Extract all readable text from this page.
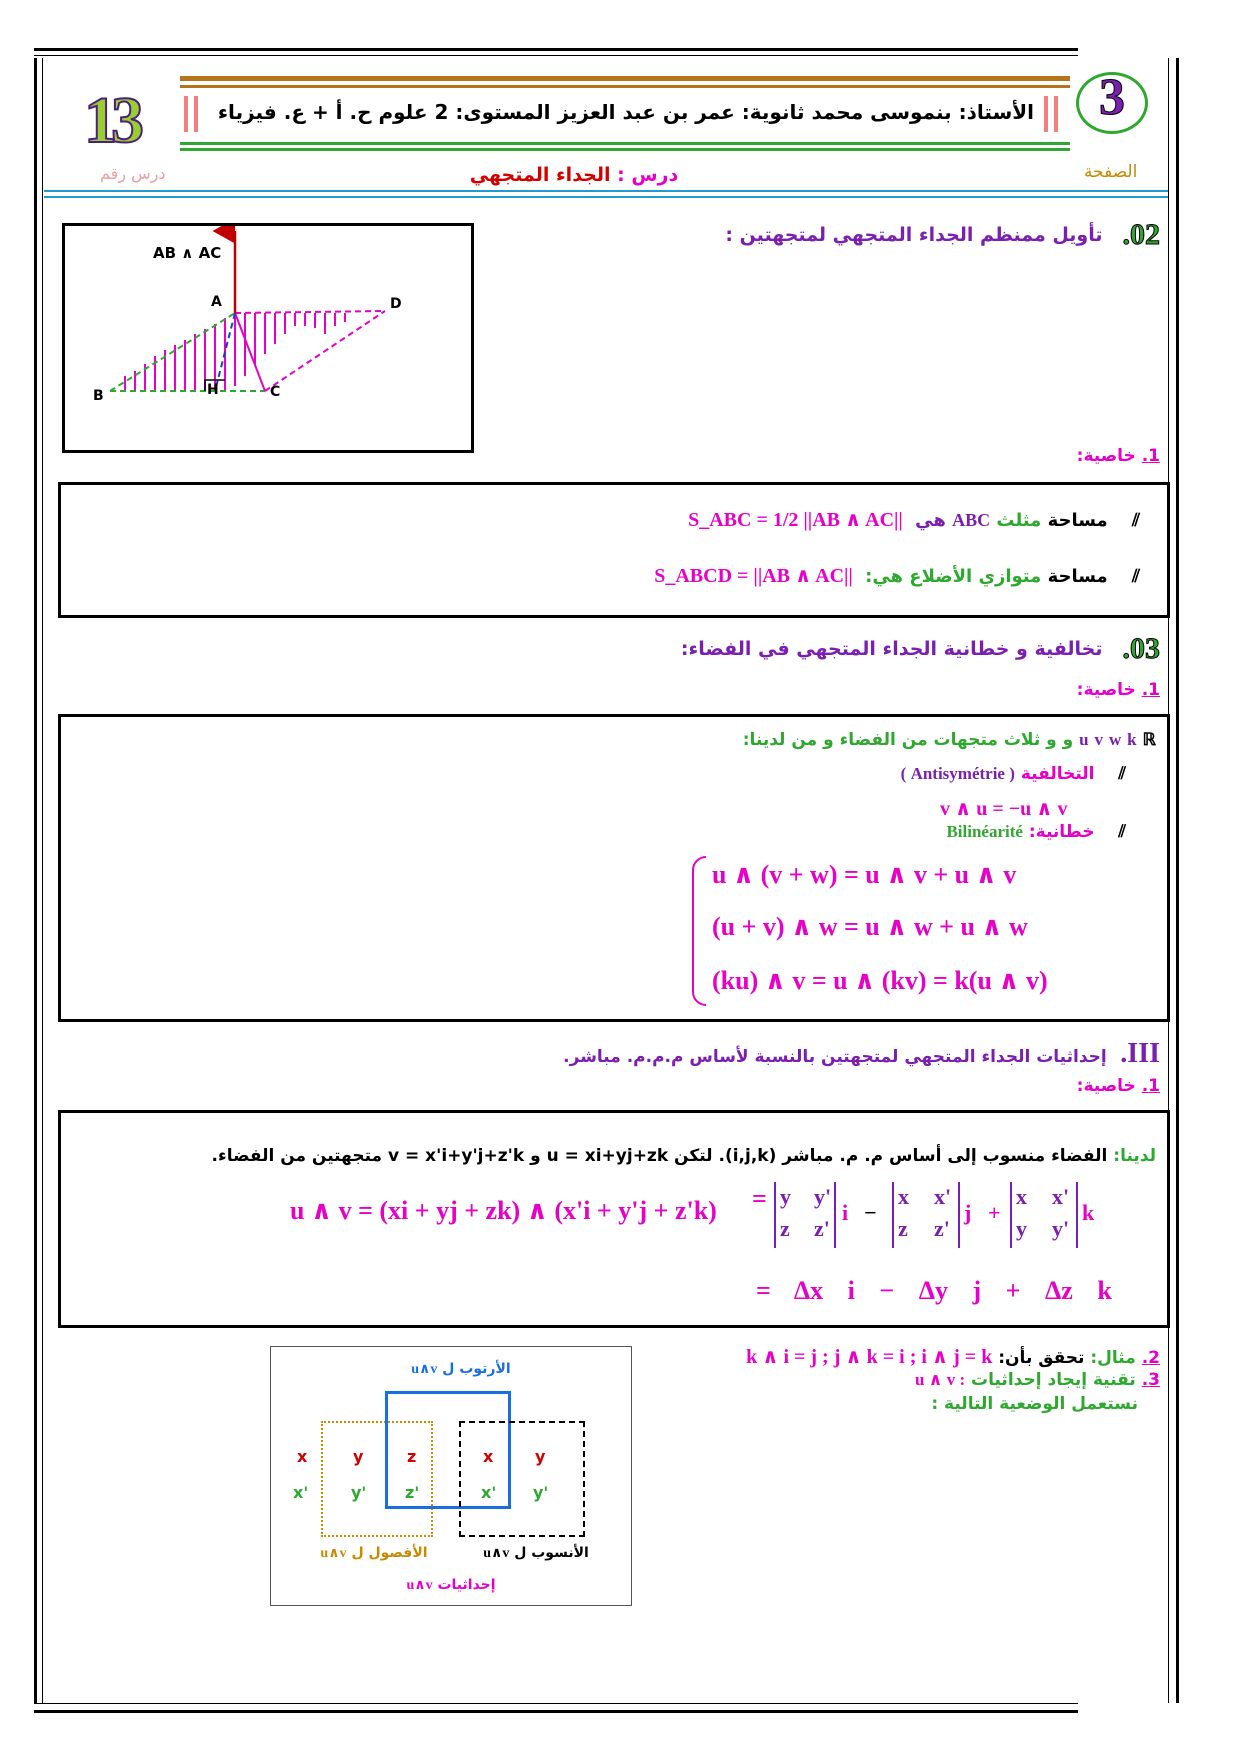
13
درس رقم
الأستاذ: بنموسى محمد ثانوية: عمر بن عبد العزيز المستوى: 2 علوم ح. أ + ع. فيزياء	3
الصفحة
درس : الجداء المتجهي
02.
تأويل ممنظم الجداء المتجهي لمتجهتين :
AB ∧ AC
A
B	C
D
H
1. خاصية:
⫽ مساحة مثلث ABC هي S_ABC = 1/2 ||AB ∧ AC||
⫽ مساحة متوازي الأضلاع هي: S_ABCD = ||AB ∧ AC||
03.
تخالفية و خطانية الجداء المتجهي في الفضاء:
1. خاصية:
u v w k ℝ و و ثلاث متجهات من الفضاء و من لدينا:
⫽ التخالفية ( Antisymétrie )
v ∧ u = −u ∧ v
⫽ خطانية: Bilinéarité
u ∧ (v + w) = u ∧ v + u ∧ v
(u + v) ∧ w = u ∧ w + u ∧ w
(ku) ∧ v = u ∧ (kv) = k(u ∧ v)
III. إحداثيات الجداء المتجهي لمتجهتين بالنسبة لأساس م.م.م. مباشر.
1. خاصية:
لدينا: الفضاء منسوب إلى أساس م. م. مباشر (i,j,k). لتكن u = xi+yj+zk و v = x'i+y'j+z'k متجهتين من الفضاء.
u ∧ v = (xi + yj + zk) ∧ (x'i + y'j + z'k) = y y'
z z'
i −
x x'
z z'
j +
x x'
y y'
k
= Δx i − Δy j + Δz k
2. مثال: تحقق بأن: k ∧ i = j ; j ∧ k = i ; i ∧ j = k
3. تقنية إيجاد إحداثيات u ∧ v :
نستعمل الوضعية التالية :
الأرتوب ل u∧v
x	y	z	x	y
x'	y' z'	x' y'
الأفصول ل u∧v	الأنسوب ل u∧v
إحداثيات u∧v
